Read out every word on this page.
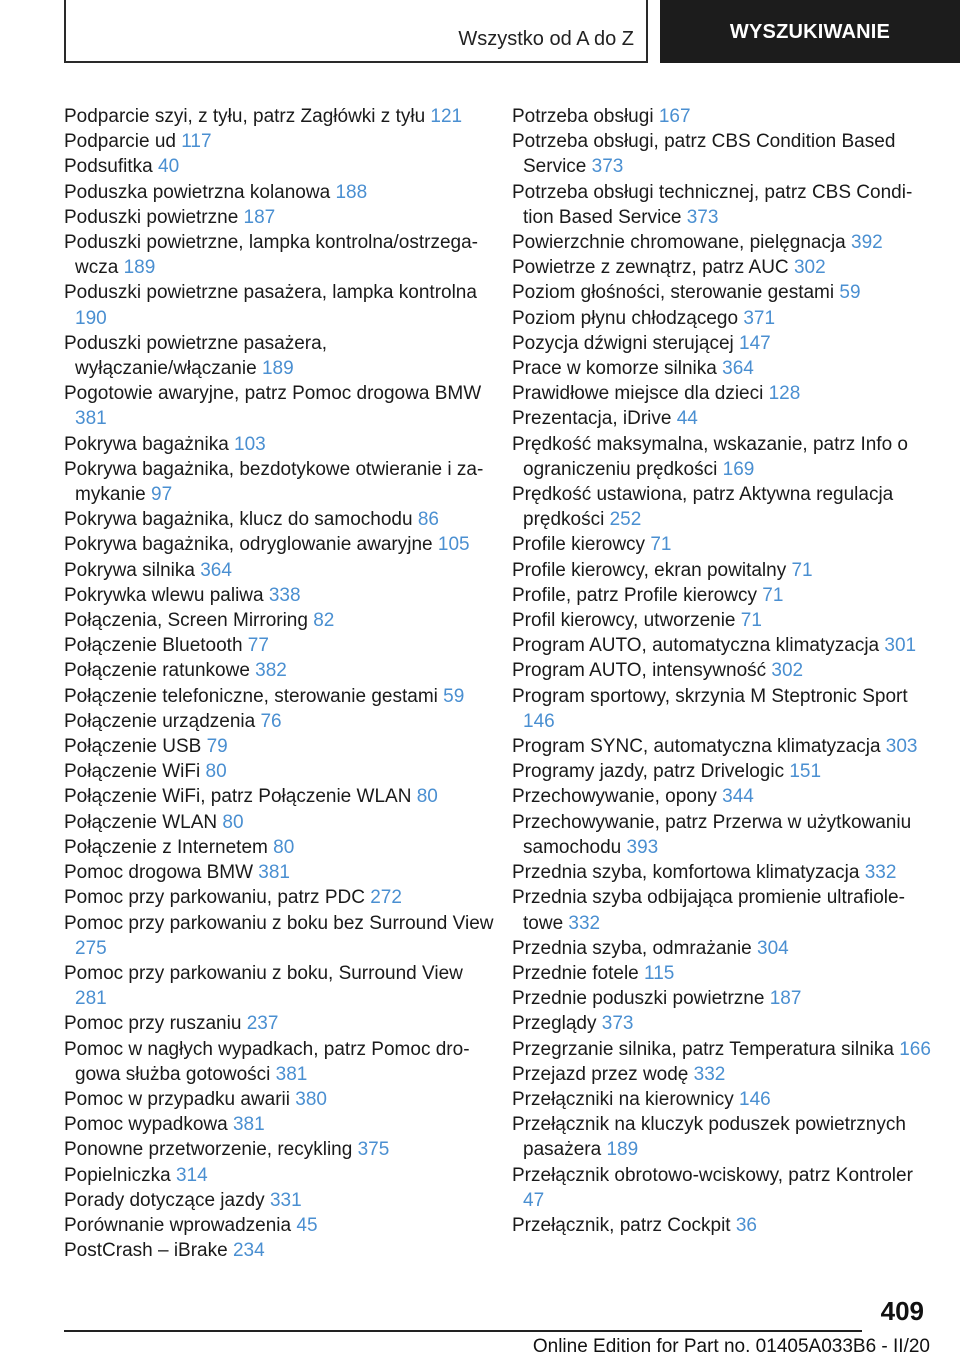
Wszystko od A do Z	WYSZUKIWANIE
Podparcie szyi, z tyłu, patrz Zagłówki z tyłu 121
Podparcie ud 117
Podsufitka 40
Poduszka powietrzna kolanowa 188
Poduszki powietrzne 187
Poduszki powietrzne, lampka kontrolna/ostrzegawcza 189
Poduszki powietrzne pasażera, lampka kontrolna 190
Poduszki powietrzne pasażera, wyłączanie/włączanie 189
Pogotowie awaryjne, patrz Pomoc drogowa BMW 381
Pokrywa bagażnika 103
Pokrywa bagażnika, bezdotykowe otwieranie i zamykanie 97
Pokrywa bagażnika, klucz do samochodu 86
Pokrywa bagażnika, odryglowanie awaryjne 105
Pokrywa silnika 364
Pokrywka wlewu paliwa 338
Połączenia, Screen Mirroring 82
Połączenie Bluetooth 77
Połączenie ratunkowe 382
Połączenie telefoniczne, sterowanie gestami 59
Połączenie urządzenia 76
Połączenie USB 79
Połączenie WiFi 80
Połączenie WiFi, patrz Połączenie WLAN 80
Połączenie WLAN 80
Połączenie z Internetem 80
Pomoc drogowa BMW 381
Pomoc przy parkowaniu, patrz PDC 272
Pomoc przy parkowaniu z boku bez Surround View 275
Pomoc przy parkowaniu z boku, Surround View 281
Pomoc przy ruszaniu 237
Pomoc w nagłych wypadkach, patrz Pomoc drogowa służba gotowości 381
Pomoc w przypadku awarii 380
Pomoc wypadkowa 381
Ponowne przetworzenie, recykling 375
Popielniczka 314
Porady dotyczące jazdy 331
Porównanie wprowadzenia 45
PostCrash – iBrake 234
Potrzeba obsługi 167
Potrzeba obsługi, patrz CBS Condition Based Service 373
Potrzeba obsługi technicznej, patrz CBS Condition Based Service 373
Powierzchnie chromowane, pielęgnacja 392
Powietrze z zewnątrz, patrz AUC 302
Poziom głośności, sterowanie gestami 59
Poziom płynu chłodzącego 371
Pozycja dźwigni sterującej 147
Prace w komorze silnika 364
Prawidłowe miejsce dla dzieci 128
Prezentacja, iDrive 44
Prędkość maksymalna, wskazanie, patrz Info o ograniczeniu prędkości 169
Prędkość ustawiona, patrz Aktywna regulacja prędkości 252
Profile kierowcy 71
Profile kierowcy, ekran powitalny 71
Profile, patrz Profile kierowcy 71
Profil kierowcy, utworzenie 71
Program AUTO, automatyczna klimatyzacja 301
Program AUTO, intensywność 302
Program sportowy, skrzynia M Steptronic Sport 146
Program SYNC, automatyczna klimatyzacja 303
Programy jazdy, patrz Drivelogic 151
Przechowywanie, opony 344
Przechowywanie, patrz Przerwa w użytkowaniu samochodu 393
Przednia szyba, komfortowa klimatyzacja 332
Przednia szyba odbijająca promienie ultrafioletowe 332
Przednia szyba, odmrażanie 304
Przednie fotele 115
Przednie poduszki powietrzne 187
Przeglądy 373
Przegrzanie silnika, patrz Temperatura silnika 166
Przejazd przez wodę 332
Przełączniki na kierownicy 146
Przełącznik na kluczyk poduszek powietrznych pasażera 189
Przełącznik obrotowo-wciskowy, patrz Kontroler 47
Przełącznik, patrz Cockpit 36
409
Online Edition for Part no. 01405A033B6 - II/20
